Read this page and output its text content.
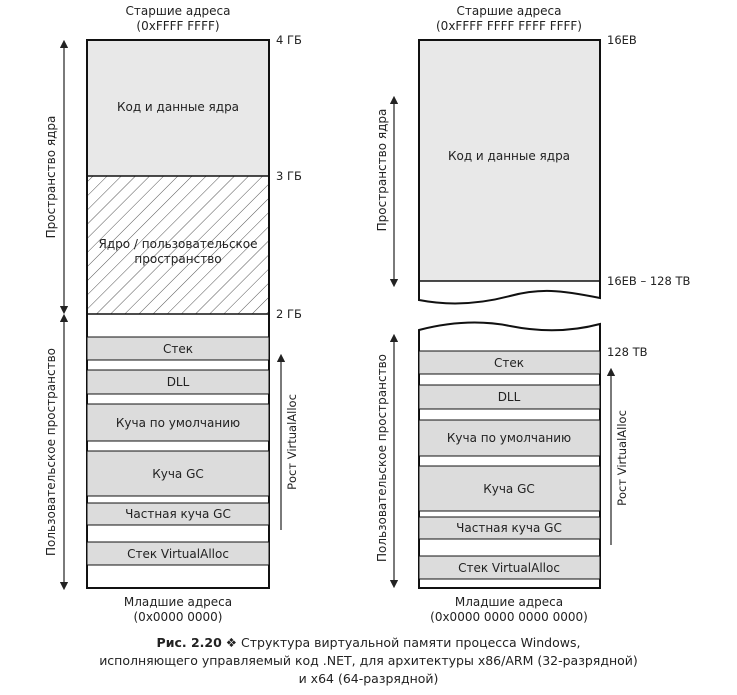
Старшие адреса
(0xFFFF FFFF)
Код и данные ядра
Ядро / пользовательское
пространство
Стек
DLL
Куча по умолчанию
Куча GC
Частная куча GC
Стек VirtualAlloc
4 ГБ
3 ГБ
2 ГБ
Пространство ядра
Пользовательское пространство	Рост VirtualAlloc
Младшие адреса
(0x0000 0000)
Старшие адреса
(0xFFFF FFFF FFFF FFFF)
Код и данные ядра
Стек
DLL
Куча по умолчанию
Куча GC
Частная куча GC
Стек VirtualAlloc
16EB
16EB – 128 TB
128 TB
Пространство ядра
Пользовательское пространство	Рост VirtualAlloc
Младшие адреса
(0x0000 0000 0000 0000)
Рис. 2.20 ❖ Структура виртуальной памяти процесса Windows,
исполняющего управляемый код .NET, для архитектуры x86/ARM (32-разрядной)
и x64 (64-разрядной)
